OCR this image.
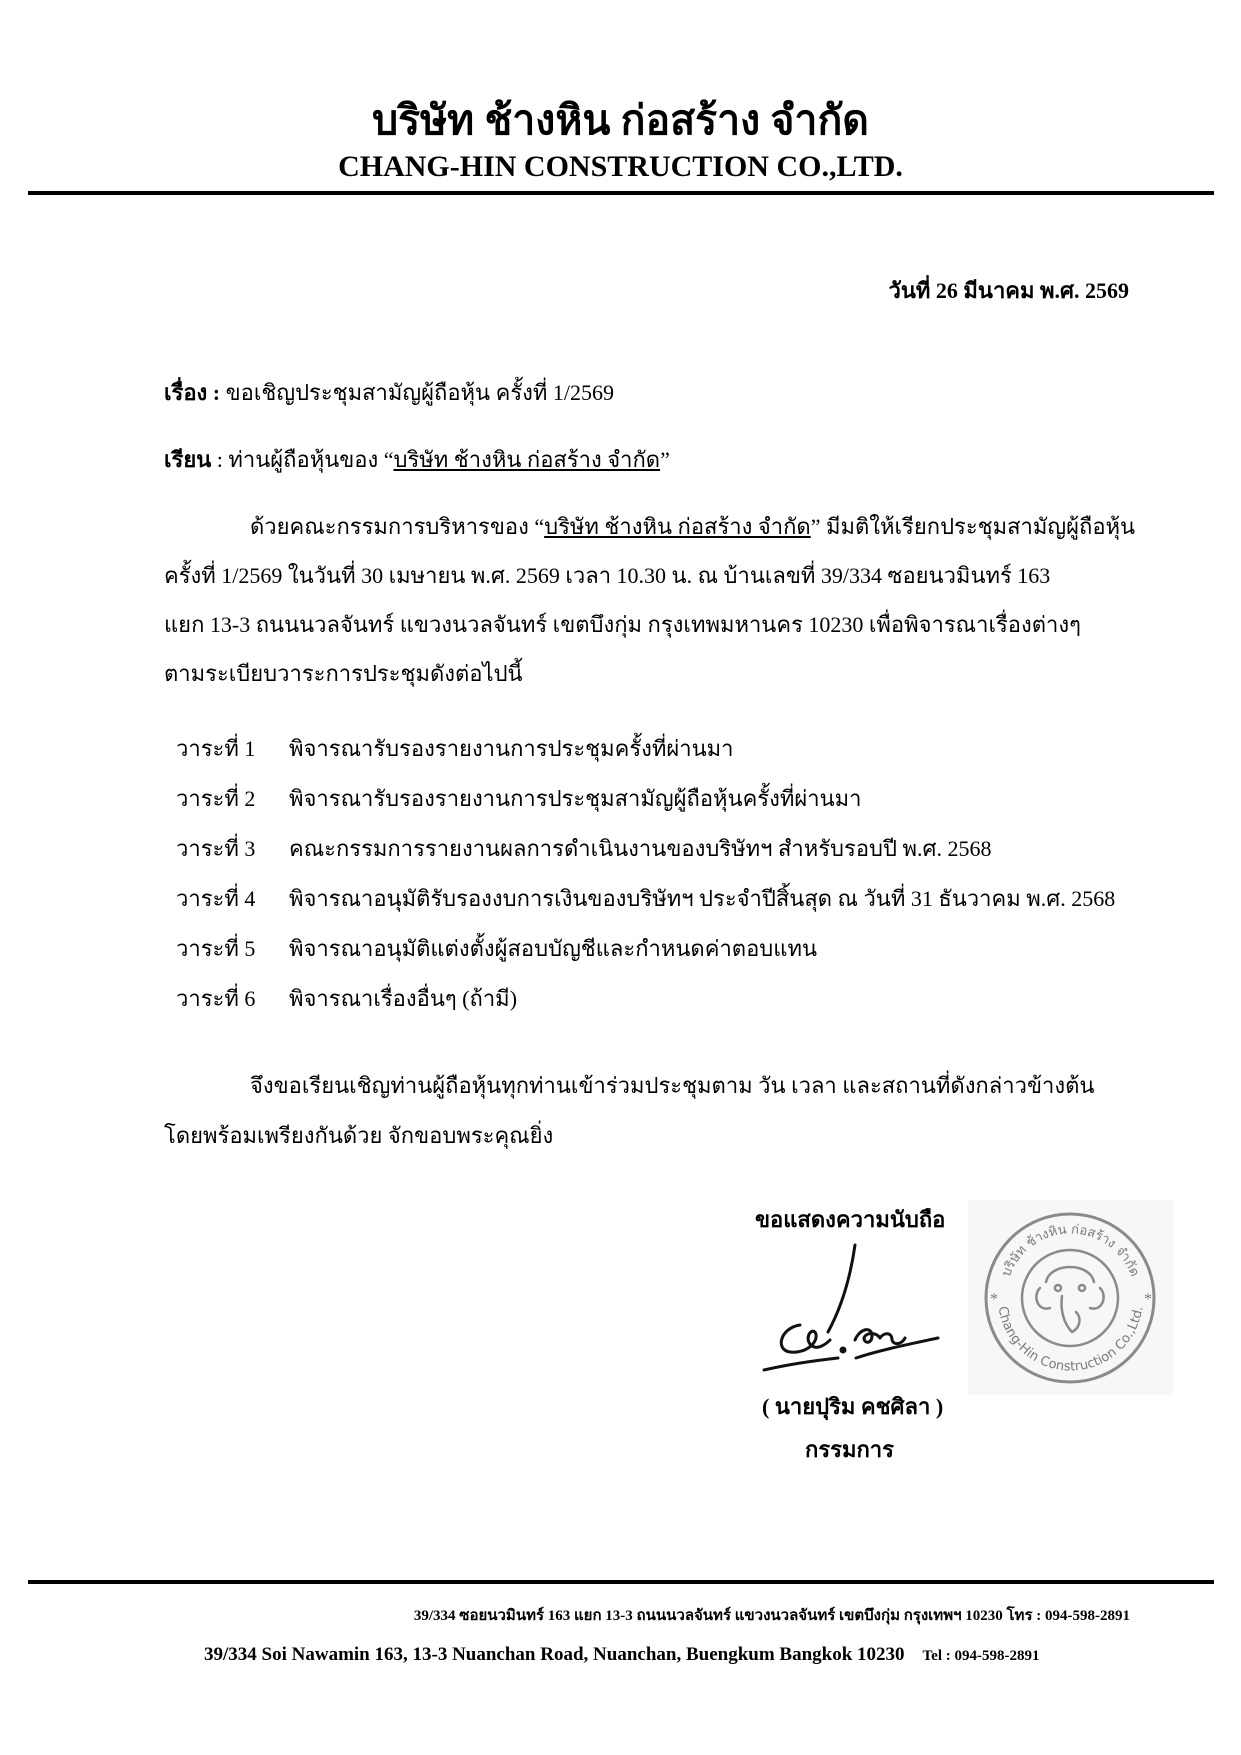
บริษัท ช้างหิน ก่อสร้าง จำกัด
CHANG-HIN CONSTRUCTION CO.,LTD.
วันที่ 26 มีนาคม พ.ศ. 2569
เรื่อง : ขอเชิญประชุมสามัญผู้ถือหุ้น ครั้งที่ 1/2569
เรียน : ท่านผู้ถือหุ้นของ “บริษัท ช้างหิน ก่อสร้าง จำกัด”
ด้วยคณะกรรมการบริหารของ “บริษัท ช้างหิน ก่อสร้าง จำกัด” มีมติให้เรียกประชุมสามัญผู้ถือหุ้น
ครั้งที่ 1/2569 ในวันที่ 30 เมษายน พ.ศ. 2569 เวลา 10.30 น. ณ บ้านเลขที่ 39/334 ซอยนวมินทร์ 163
แยก 13-3 ถนนนวลจันทร์ แขวงนวลจันทร์ เขตบึงกุ่ม กรุงเทพมหานคร 10230 เพื่อพิจารณาเรื่องต่างๆ
ตามระเบียบวาระการประชุมดังต่อไปนี้
วาระที่ 1 พิจารณารับรองรายงานการประชุมครั้งที่ผ่านมา
วาระที่ 2 พิจารณารับรองรายงานการประชุมสามัญผู้ถือหุ้นครั้งที่ผ่านมา
วาระที่ 3 คณะกรรมการรายงานผลการดำเนินงานของบริษัทฯ สำหรับรอบปี พ.ศ. 2568
วาระที่ 4 พิจารณาอนุมัติรับรองงบการเงินของบริษัทฯ ประจำปีสิ้นสุด ณ วันที่ 31 ธันวาคม พ.ศ. 2568
วาระที่ 5 พิจารณาอนุมัติแต่งตั้งผู้สอบบัญชีและกำหนดค่าตอบแทน
วาระที่ 6 พิจารณาเรื่องอื่นๆ (ถ้ามี)
จึงขอเรียนเชิญท่านผู้ถือหุ้นทุกท่านเข้าร่วมประชุมตาม วัน เวลา และสถานที่ดังกล่าวข้างต้น
โดยพร้อมเพรียงกันด้วย จักขอบพระคุณยิ่ง
ขอแสดงความนับถือ
( นายปุริม คชศิลา )
กรรมการ
บริษัท ช้างหิน ก่อสร้าง จำกัด
Chang-Hin Construction Co.,Ltd.
*	*
39/334 ซอยนวมินทร์ 163 แยก 13-3 ถนนนวลจันทร์ แขวงนวลจันทร์ เขตบึงกุ่ม กรุงเทพฯ 10230 โทร : 094-598-2891
39/334 Soi Nawamin 163, 13-3 Nuanchan Road, Nuanchan, Buengkum Bangkok 10230 Tel : 094-598-2891
